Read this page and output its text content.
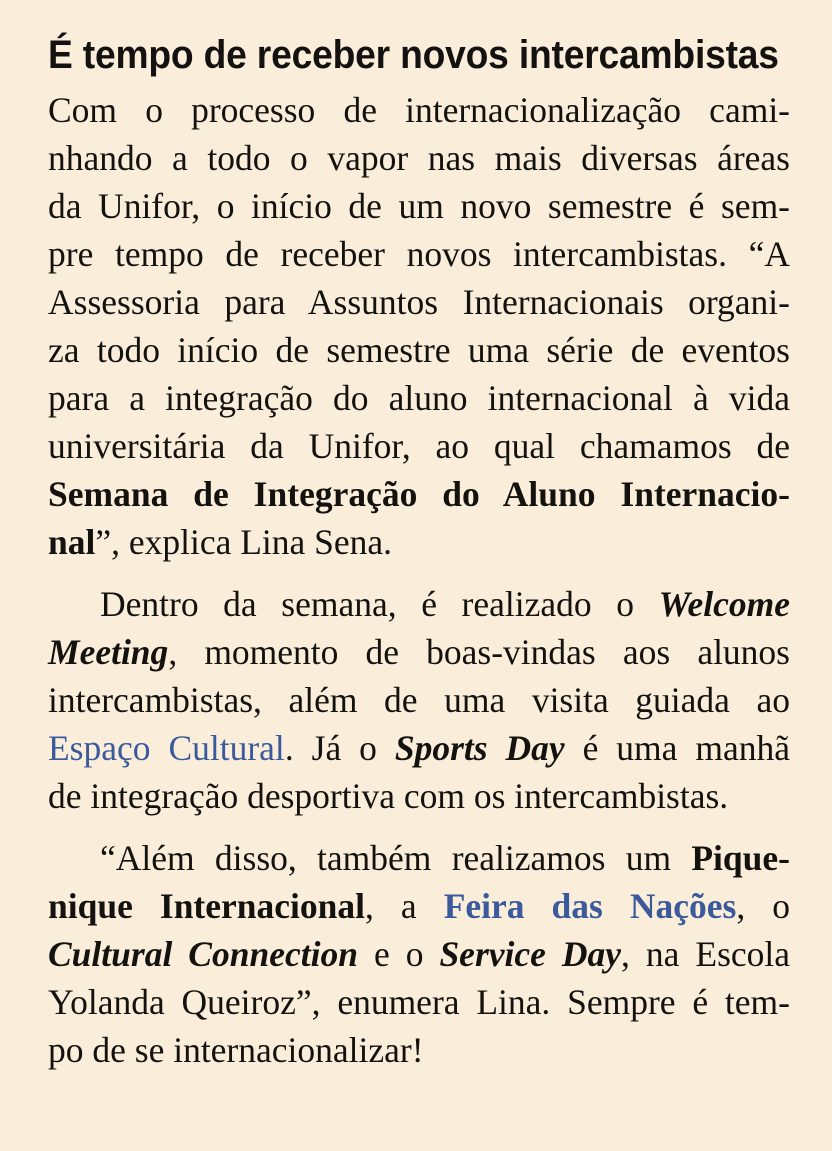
É tempo de receber novos intercambistas

Com o processo de internacionalização cami-
nhando a todo o vapor nas mais diversas áreas
da Unifor, o início de um novo semestre é sem-
pre tempo de receber novos intercambistas. “A
Assessoria para Assuntos Internacionais organi-
za todo início de semestre uma série de eventos
para a integração do aluno internacional à vida
universitária da Unifor, ao qual chamamos de
Semana de Integração do Aluno Internacio-
nal”, explica Lina Sena.

Dentro da semana, é realizado o Welcome
Meeting, momento de boas-vindas aos alunos
intercambistas, além de uma visita guiada ao
Espaço Cultural. Já o Sports Day é uma manhã
de integração desportiva com os intercambistas.

“Além disso, também realizamos um Pique-
nique Internacional, a Feira das Nações, o
Cultural Connection e o Service Day, na Escola
Yolanda Queiroz”, enumera Lina. Sempre é tem-
po de se internacionalizar!
